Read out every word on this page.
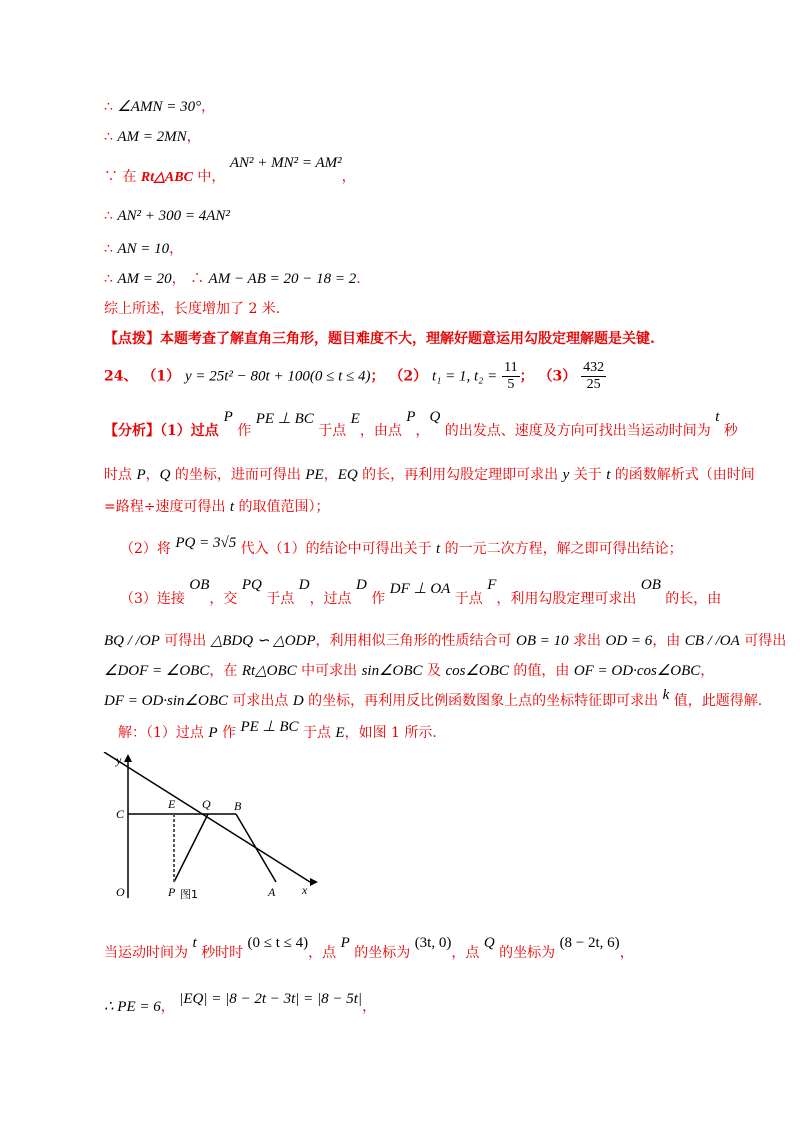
∴ ∠AMN = 30°，
∴ AM = 2MN，
∵ 在 Rt△ABC 中， AN² + MN² = AM²，
∴ AN² + 300 = 4AN²
∴ AN = 10，
∴ AM = 20， ∴ AM − AB = 20 − 18 = 2.
综上所述，长度增加了 2 米.
【点拨】本题考查了解直角三角形，题目难度不大，理解好题意运用勾股定理解题是关键.
24、 （1） y = 25t² − 80t + 100(0 ≤ t ≤ 4)； （2） t₁ = 1, $t_2 = \frac{11}{5}$ ； $(3) \frac{432}{25}$
【分析】（1）过点 P 作 PE ⊥ BC 于点 E，由点 P，Q 的出发点、速度及方向可找出当运动时间为 t 秒
时点 P，Q 的坐标，进而可得出 PE，EQ 的长，再利用勾股定理即可求出 y 关于 t 的函数解析式（由时间
=路程÷速度可得出 t 的取值范围）；
（2）将 PQ = 3√5 代入（1）的结论中可得出关于 t 的一元二次方程，解之即可得出结论；
（3）连接 OB，交 PQ 于点 D，过点 D 作 DF ⊥ OA 于点 F，利用勾股定理可求出 OB 的长，由
BQ / /OP 可得出 △BDQ ∽ △ODP，利用相似三角形的性质结合可 OB = 10 求出 OD = 6，由 CB / /OA 可得出
∠DOF = ∠OBC，在 Rt△OBC 中可求出 sin∠OBC 及 cos∠OBC 的值，由 OF = OD·cos∠OBC，
DF = OD·sin∠OBC 可求出点 D 的坐标，再利用反比例函数图象上点的坐标特征即可求出 k 值，此题得解.
解：（1）过点 P 作 PE ⊥ BC 于点 E，如图 1 所示.
y
x
C
E Q B
O	P	A
图1
当运动时间为 t 秒时时 (0 ≤ t ≤ 4)，点 P 的坐标为 (3t, 0)，点 Q 的坐标为 (8 − 2t, 6)，
∴ PE = 6， |EQ| = |8 − 2t − 3t| = |8 − 5t|，
